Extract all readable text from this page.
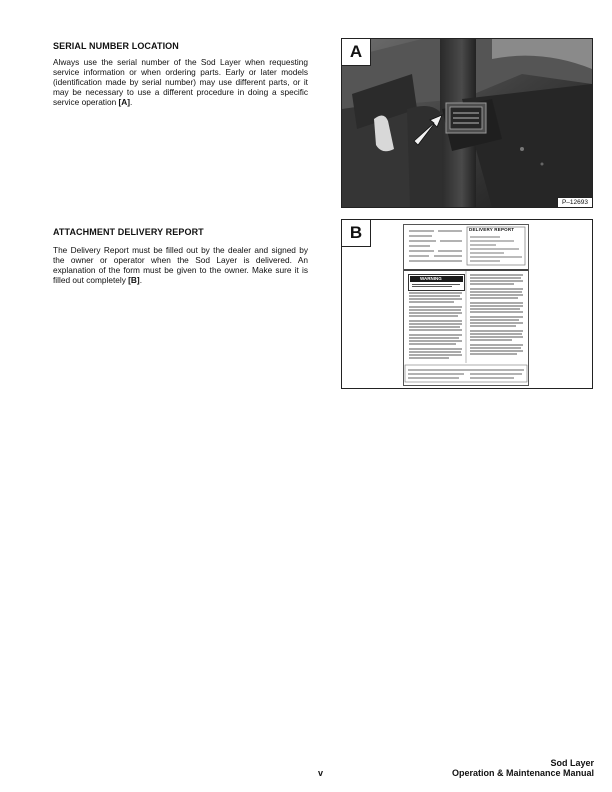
SERIAL NUMBER LOCATION
Always use the serial number of the Sod Layer when requesting service information or when ordering parts. Early or later models (identification made by serial number) may use different parts, or it may be necessary to use a different procedure in doing a specific service operation [A].
ATTACHMENT DELIVERY REPORT
The Delivery Report must be filled out by the dealer and signed by the owner or operator when the Sod Layer is delivered. An explanation of the form must be given to the owner. Make sure it is filled out completely [B].
A
P–12693
B	DELIVERY REPORT
WARNING
v
Sod Layer
Operation & Maintenance Manual
